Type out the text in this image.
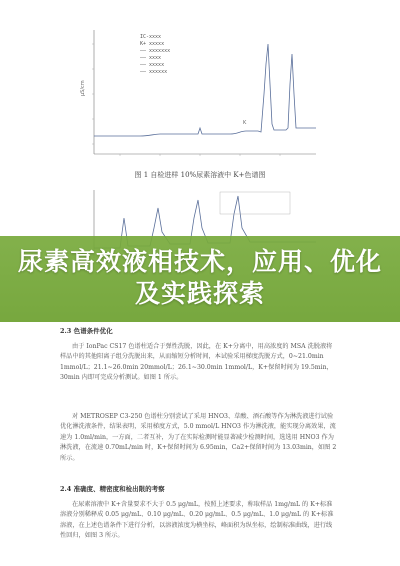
μS/cm
IC-xxxx
K+ xxxxx
—— xxxxxxx
—— xxxx
—— xxxxx
—— xxxxxx
K
图 1 自检进样 10%尿素溶液中 K+色谱图
尿素高效液相技术，应用、优化及实践探索
2.3 色谱条件优化

由于 IonPac CS17 色谱柱适合于弹性洗脱，因此，在 K+分离中，用高浓度的 MSA 洗脱液将样品中的其他阳离子组分洗脱出来，从而缩短分析时间，本试验采用梯度洗脱方式，0~21.0min 1mmol/L；21.1~26.0min 20mmol/L；26.1~30.0min 1mmol/L，K+保留时间为 19.5min，30min 内即可完成分析测试。如图 1 所示。

对 METROSEP C3-250 色谱柱分别尝试了采用 HNO3、草酸、酒石酸等作为淋洗液进行试验优化淋洗液条件，结果表明，采用梯度方式，5.0 mmol/L HNO3 作为淋洗液，能实现分离效果，流速为 1.0ml/min，一方面，二者互补，为了在实际检测时能显著减少检测时间，选选用 HNO3 作为淋洗液，在流速 0.70mL/min 时，K+保留时间为 6.95min，Ca2+保留时间为 13.03min，如图 2 所示。

2.4 准确度、精密度和检出限的考察

在尿素溶液中 K+含量要求不大于 0.5 μg/mL，按照上述要求，称取样品 1mg/mL 的 K+标准溶液分别稀释成 0.05 μg/mL、0.10 μg/mL、0.20 μg/mL、0.5 μg/mL、1.0 μg/mL 的 K+标准溶液，在上述色谱条件下进行分析，以溶液浓度为横坐标，峰面积为纵坐标，绘制标准曲线，进行线性回归，如图 3 所示。
